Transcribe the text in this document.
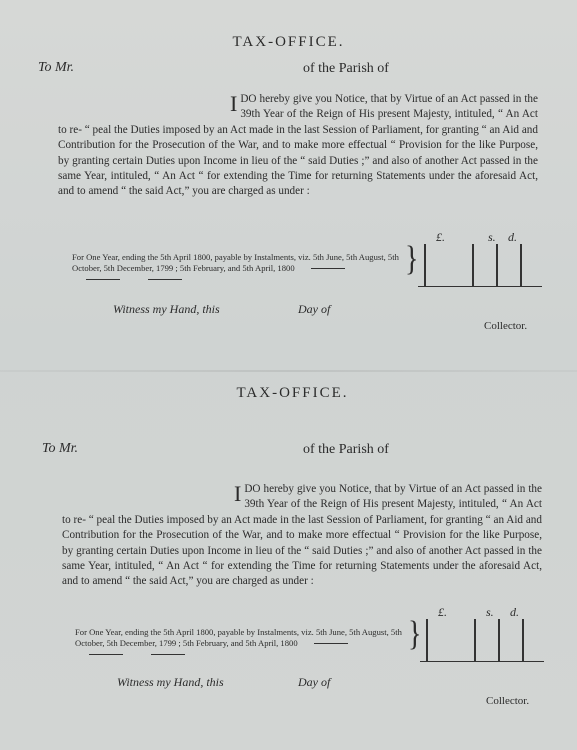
TAX-OFFICE.
To Mr.	of the Parish of
I DO hereby give you Notice, that by Virtue of an Act passed in the 39th Year of the Reign of His present Majesty, intituled, “ An Act to re- “ peal the Duties imposed by an Act made in the last Session of Parliament, for granting “ an Aid and Contribution for the Prosecution of the War, and to make more effectual “ Provision for the like Purpose, by granting certain Duties upon Income in lieu of the “ said Duties ;” and also of another Act passed in the same Year, intituled, “ An Act “ for extending the Time for returning Statements under the aforesaid Act, and to amend “ the said Act,” you are charged as under :
For One Year, ending the 5th April 1800, payable by Instalments, viz. 5th June, 5th August, 5th October, 5th December, 1799 ; 5th February, and 5th April, 1800	}
£.	s. d.
Witness my Hand, this	Day of
Collector.
TAX-OFFICE.
To Mr.	of the Parish of
I DO hereby give you Notice, that by Virtue of an Act passed in the 39th Year of the Reign of His present Majesty, intituled, “ An Act to re- “ peal the Duties imposed by an Act made in the last Session of Parliament, for granting “ an Aid and Contribution for the Prosecution of the War, and to make more effectual “ Provision for the like Purpose, by granting certain Duties upon Income in lieu of the “ said Duties ;” and also of another Act passed in the same Year, intituled, “ An Act “ for extending the Time for returning Statements under the aforesaid Act, and to amend “ the said Act,” you are charged as under :
For One Year, ending the 5th April 1800, payable by Instalments, viz. 5th June, 5th August, 5th October, 5th December, 1799 ; 5th February, and 5th April, 1800	}
£.	s. d.
Witness my Hand, this	Day of
Collector.
